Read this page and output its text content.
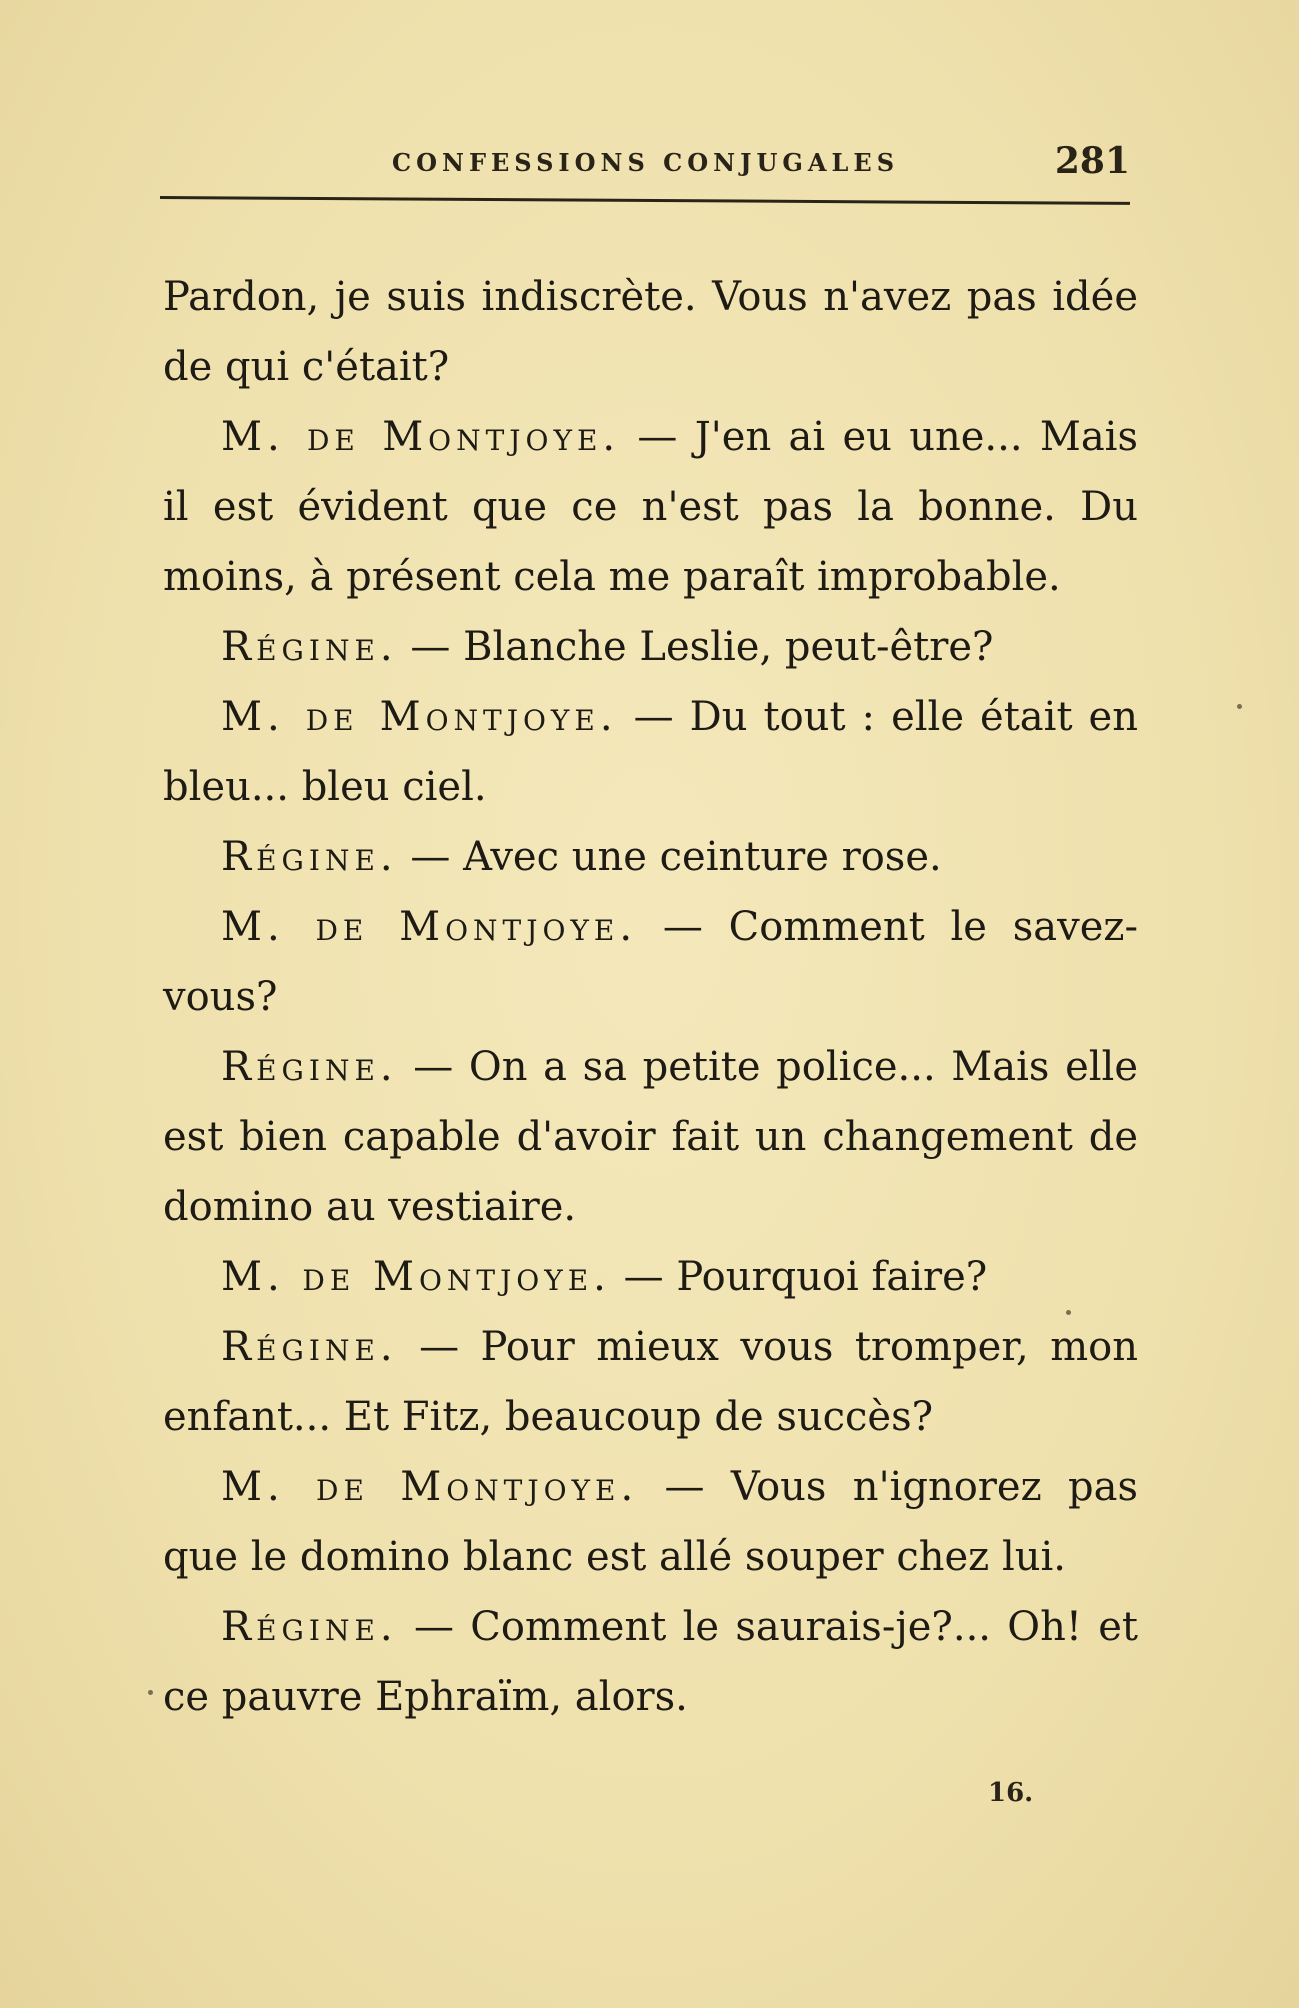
CONFESSIONS CONJUGALES	281

Pardon, je suis indiscrète. Vous n'avez pas idée de qui c'était?

M. de Montjoye. — J'en ai eu une... Mais il est évident que ce n'est pas la bonne. Du moins, à présent cela me paraît improbable.

Régine. — Blanche Leslie, peut-être?

M. de Montjoye. — Du tout : elle était en bleu... bleu ciel.

Régine. — Avec une ceinture rose.

M. de Montjoye. — Comment le savez-vous?

Régine. — On a sa petite police... Mais elle est bien capable d'avoir fait un changement de domino au vestiaire.

M. de Montjoye. — Pourquoi faire?

Régine. — Pour mieux vous tromper, mon enfant... Et Fitz, beaucoup de succès?

M. de Montjoye. — Vous n'ignorez pas que le domino blanc est allé souper chez lui.

Régine. — Comment le saurais-je?... Oh! et ce pauvre Ephraïm, alors.

16.
